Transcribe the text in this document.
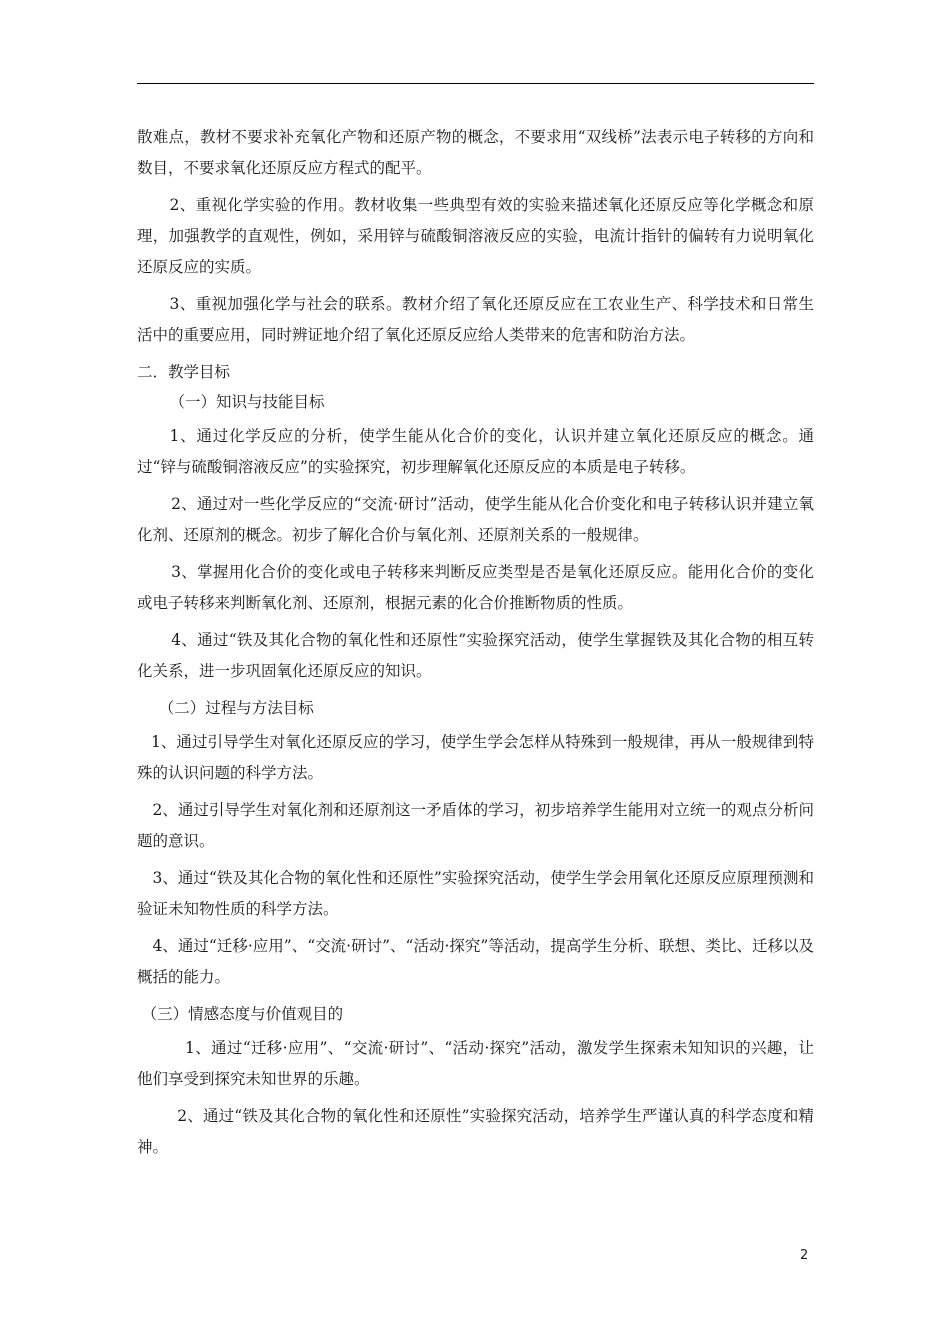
散难点，教材不要求补充氧化产物和还原产物的概念，不要求用“双线桥”法表示电子转移的方向和数目，不要求氧化还原反应方程式的配平。

2、重视化学实验的作用。教材收集一些典型有效的实验来描述氧化还原反应等化学概念和原理，加强教学的直观性，例如，采用锌与硫酸铜溶液反应的实验，电流计指针的偏转有力说明氧化还原反应的实质。

3、重视加强化学与社会的联系。教材介绍了氧化还原反应在工农业生产、科学技术和日常生活中的重要应用，同时辨证地介绍了氧化还原反应给人类带来的危害和防治方法。

二．教学目标

（一）知识与技能目标

1、通过化学反应的分析，使学生能从化合价的变化，认识并建立氧化还原反应的概念。通过“锌与硫酸铜溶液反应”的实验探究，初步理解氧化还原反应的本质是电子转移。

2、通过对一些化学反应的“交流·研讨”活动，使学生能从化合价变化和电子转移认识并建立氧化剂、还原剂的概念。初步了解化合价与氧化剂、还原剂关系的一般规律。

3、掌握用化合价的变化或电子转移来判断反应类型是否是氧化还原反应。能用化合价的变化或电子转移来判断氧化剂、还原剂，根据元素的化合价推断物质的性质。

4、通过“铁及其化合物的氧化性和还原性”实验探究活动，使学生掌握铁及其化合物的相互转化关系，进一步巩固氧化还原反应的知识。

（二）过程与方法目标

1、通过引导学生对氧化还原反应的学习，使学生学会怎样从特殊到一般规律，再从一般规律到特殊的认识问题的科学方法。

2、通过引导学生对氧化剂和还原剂这一矛盾体的学习，初步培养学生能用对立统一的观点分析问题的意识。

3、通过“铁及其化合物的氧化性和还原性”实验探究活动，使学生学会用氧化还原反应原理预测和验证未知物性质的科学方法。

4、通过“迁移·应用”、“交流·研讨”、“活动·探究”等活动，提高学生分析、联想、类比、迁移以及概括的能力。

（三）情感态度与价值观目的

1、通过“迁移·应用”、“交流·研讨”、“活动·探究”活动，激发学生探索未知知识的兴趣，让他们享受到探究未知世界的乐趣。

2、通过“铁及其化合物的氧化性和还原性”实验探究活动，培养学生严谨认真的科学态度和精神。

2
